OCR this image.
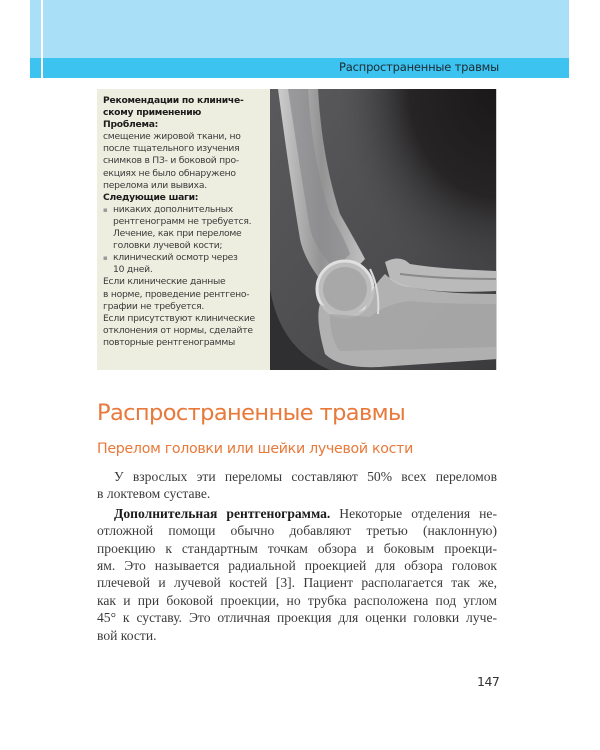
Распространенные травмы
Рекомендации по клиниче-
скому применению
Проблема:
смещение жировой ткани, но
после тщательного изучения
снимков в ПЗ- и боковой про-
екциях не было обнаружено
перелома или вывиха.
Следующие шаги:
▪ никаких дополнительных
рентгенограмм не требуется.
Лечение, как при переломе
головки лучевой кости;
▪ клинический осмотр через
10 дней.
Если клинические данные
в норме, проведение рентгено-
графии не требуется.
Если присутствуют клинические
отклонения от нормы, сделайте
повторные рентгенограммы
Распространенные травмы
Перелом головки или шейки лучевой кости

У взрослых эти переломы составляют 50% всех переломов

в локтевом суставе.

Дополнительная рентгенограмма. Некоторые отделения не-

отложной помощи обычно добавляют третью (наклонную)
проекцию к стандартным точкам обзора и боковым проекци-
ям. Это называется радиальной проекцией для обзора головок
плечевой и лучевой костей [3]. Пациент располагается так же,
как и при боковой проекции, но трубка расположена под углом
45° к суставу. Это отличная проекция для оценки головки луче-
вой кости.
147
